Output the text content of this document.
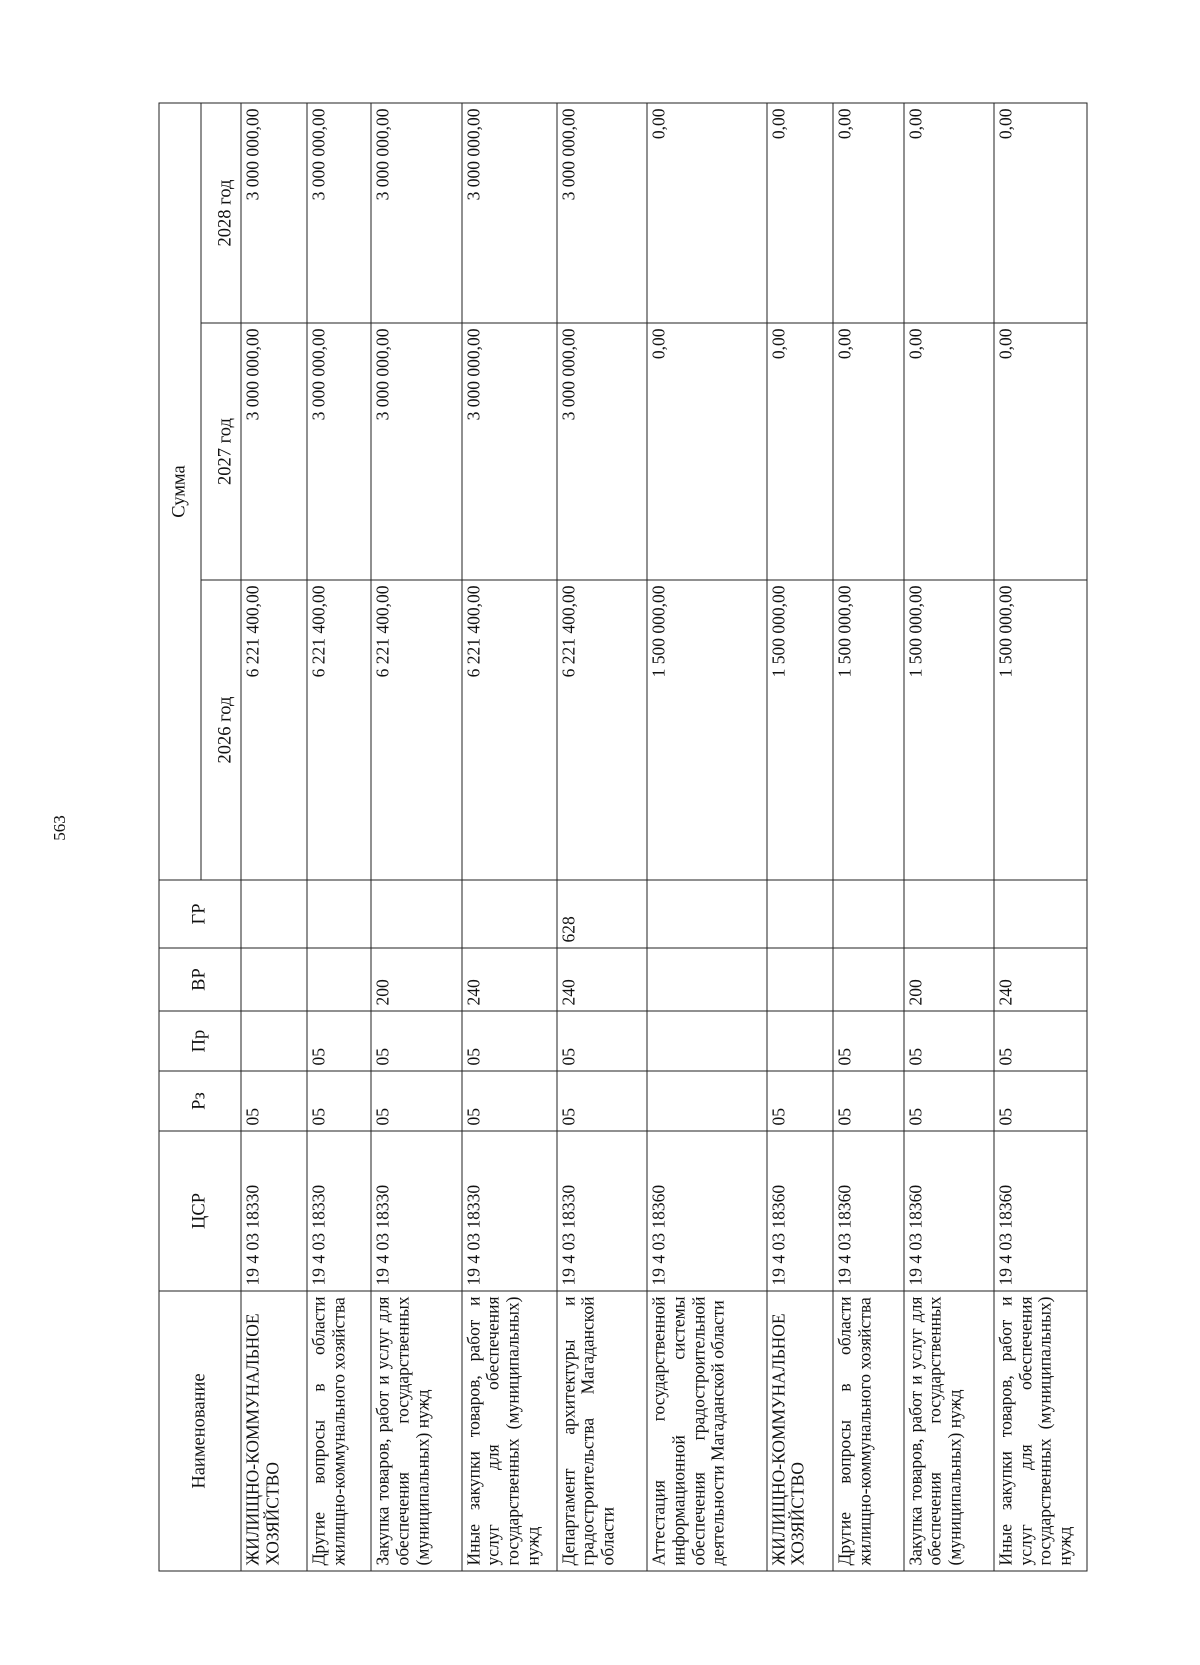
563
Наименование	ЦСР	Рз	Пр	ВР	ГР	Сумма		
						2026 год	2027 год	2028 год
ЖИЛИЩНО-КОММУНАЛЬНОЕ ХОЗЯЙСТВО	19 4 03 18330	05				6 221 400,00	3 000 000,00	3 000 000,00
Другие вопросы в области жилищно-коммунального хозяйства	19 4 03 18330	05	05			6 221 400,00	3 000 000,00	3 000 000,00
Закупка товаров, работ и услуг для обеспечения государственных (муниципальных) нужд	19 4 03 18330	05	05	200		6 221 400,00	3 000 000,00	3 000 000,00
Иные закупки товаров, работ и услуг для обеспечения государственных (муниципальных) нужд	19 4 03 18330	05	05	240		6 221 400,00	3 000 000,00	3 000 000,00
Департамент архитектуры и градостроительства Магаданской области	19 4 03 18330	05	05	240	628	6 221 400,00	3 000 000,00	3 000 000,00
Аттестация государственной информационной системы обеспечения градостроительной деятельности Магаданской области	19 4 03 18360					1 500 000,00	0,00	0,00
ЖИЛИЩНО-КОММУНАЛЬНОЕ ХОЗЯЙСТВО	19 4 03 18360	05				1 500 000,00	0,00	0,00
Другие вопросы в области жилищно-коммунального хозяйства	19 4 03 18360	05	05			1 500 000,00	0,00	0,00
Закупка товаров, работ и услуг для обеспечения государственных (муниципальных) нужд	19 4 03 18360	05	05	200		1 500 000,00	0,00	0,00
Иные закупки товаров, работ и услуг для обеспечения государственных (муниципальных) нужд	19 4 03 18360	05	05	240		1 500 000,00	0,00	0,00
